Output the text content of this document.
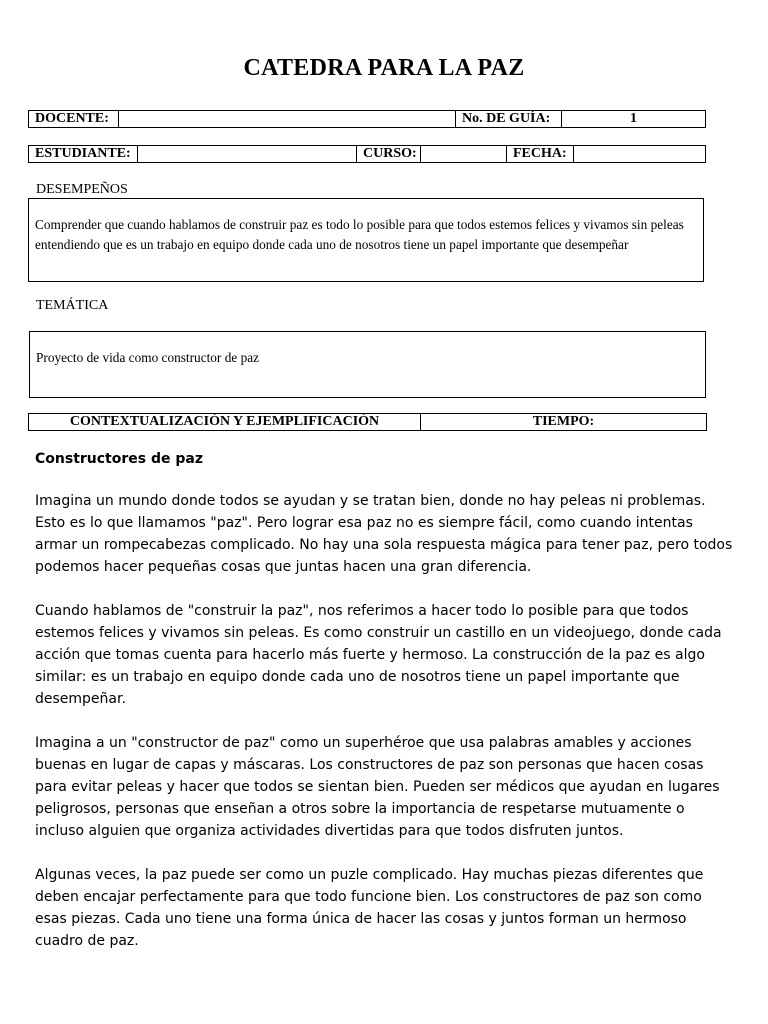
CATEDRA PARA LA PAZ
DOCENTE:		No. DE GUÍA:	1
ESTUDIANTE:		CURSO:		FECHA:	
DESEMPEÑOS
Comprender que cuando hablamos de construir paz es todo lo posible para que todos estemos felices y vivamos sin peleas entendiendo que es un trabajo en equipo donde cada uno de nosotros tiene un papel importante que desempeñar
TEMÁTICA
Proyecto de vida como constructor de paz
CONTEXTUALIZACIÓN Y EJEMPLIFICACIÓN	TIEMPO:
Constructores de paz

Imagina un mundo donde todos se ayudan y se tratan bien, donde no hay peleas ni problemas. Esto es lo que llamamos "paz". Pero lograr esa paz no es siempre fácil, como cuando intentas armar un rompecabezas complicado. No hay una sola respuesta mágica para tener paz, pero todos podemos hacer pequeñas cosas que juntas hacen una gran diferencia.

Cuando hablamos de "construir la paz", nos referimos a hacer todo lo posible para que todos estemos felices y vivamos sin peleas. Es como construir un castillo en un videojuego, donde cada acción que tomas cuenta para hacerlo más fuerte y hermoso. La construcción de la paz es algo similar: es un trabajo en equipo donde cada uno de nosotros tiene un papel importante que desempeñar.

Imagina a un "constructor de paz" como un superhéroe que usa palabras amables y acciones buenas en lugar de capas y máscaras. Los constructores de paz son personas que hacen cosas para evitar peleas y hacer que todos se sientan bien. Pueden ser médicos que ayudan en lugares peligrosos, personas que enseñan a otros sobre la importancia de respetarse mutuamente o incluso alguien que organiza actividades divertidas para que todos disfruten juntos.

Algunas veces, la paz puede ser como un puzle complicado. Hay muchas piezas diferentes que deben encajar perfectamente para que todo funcione bien. Los constructores de paz son como esas piezas. Cada uno tiene una forma única de hacer las cosas y juntos forman un hermoso cuadro de paz.
